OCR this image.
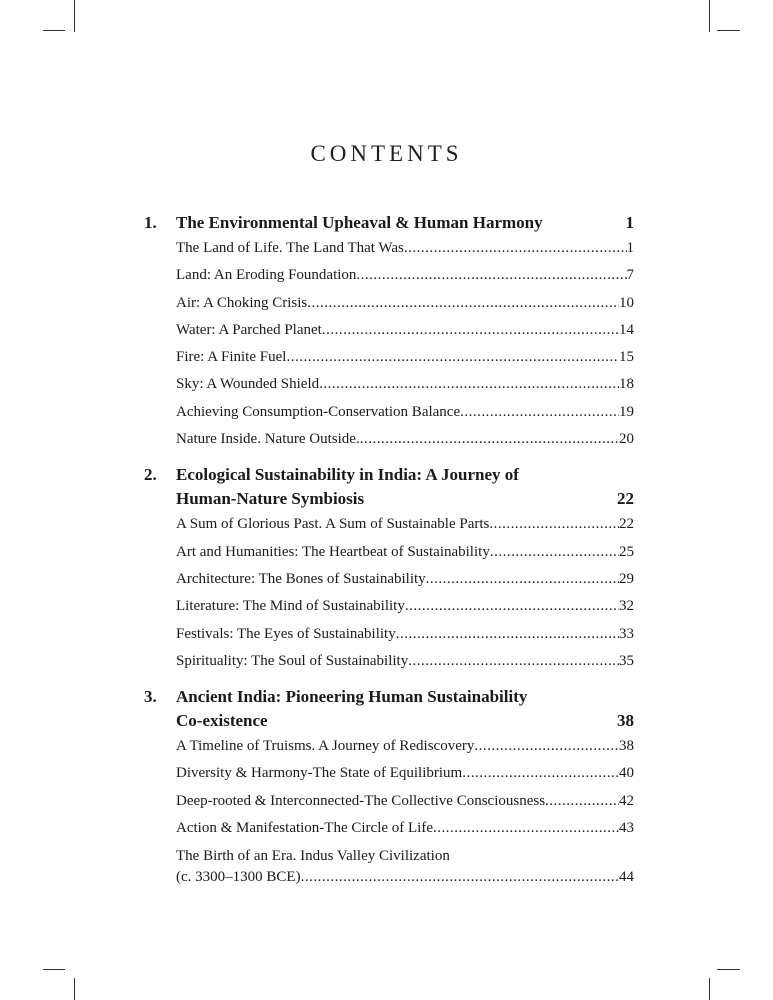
CONTENTS
1.	The Environmental Upheaval & Human Harmony	1
The Land of Life. The Land That Was .....	1
Land: An Eroding Foundation .....	7
Air: A Choking Crisis .....	10
Water: A Parched Planet .....	14
Fire: A Finite Fuel .....	15
Sky: A Wounded Shield .....	18
Achieving Consumption-Conservation Balance .....	19
Nature Inside. Nature Outside. .....	20
2.	Ecological Sustainability in India: A Journey of
Human-Nature Symbiosis	22
A Sum of Glorious Past. A Sum of Sustainable Parts .....	22
Art and Humanities: The Heartbeat of Sustainability .....	25
Architecture: The Bones of Sustainability .....	29
Literature: The Mind of Sustainability .....	32
Festivals: The Eyes of Sustainability .....	33
Spirituality: The Soul of Sustainability .....	35
3.	Ancient India: Pioneering Human Sustainability
Co-existence	38
A Timeline of Truisms. A Journey of Rediscovery .....	38
Diversity & Harmony-The State of Equilibrium .....	40
Deep-rooted & Interconnected-The Collective Consciousness .....	42
Action & Manifestation-The Circle of Life .....	43
The Birth of an Era. Indus Valley Civilization
(c. 3300–1300 BCE) .....	44
